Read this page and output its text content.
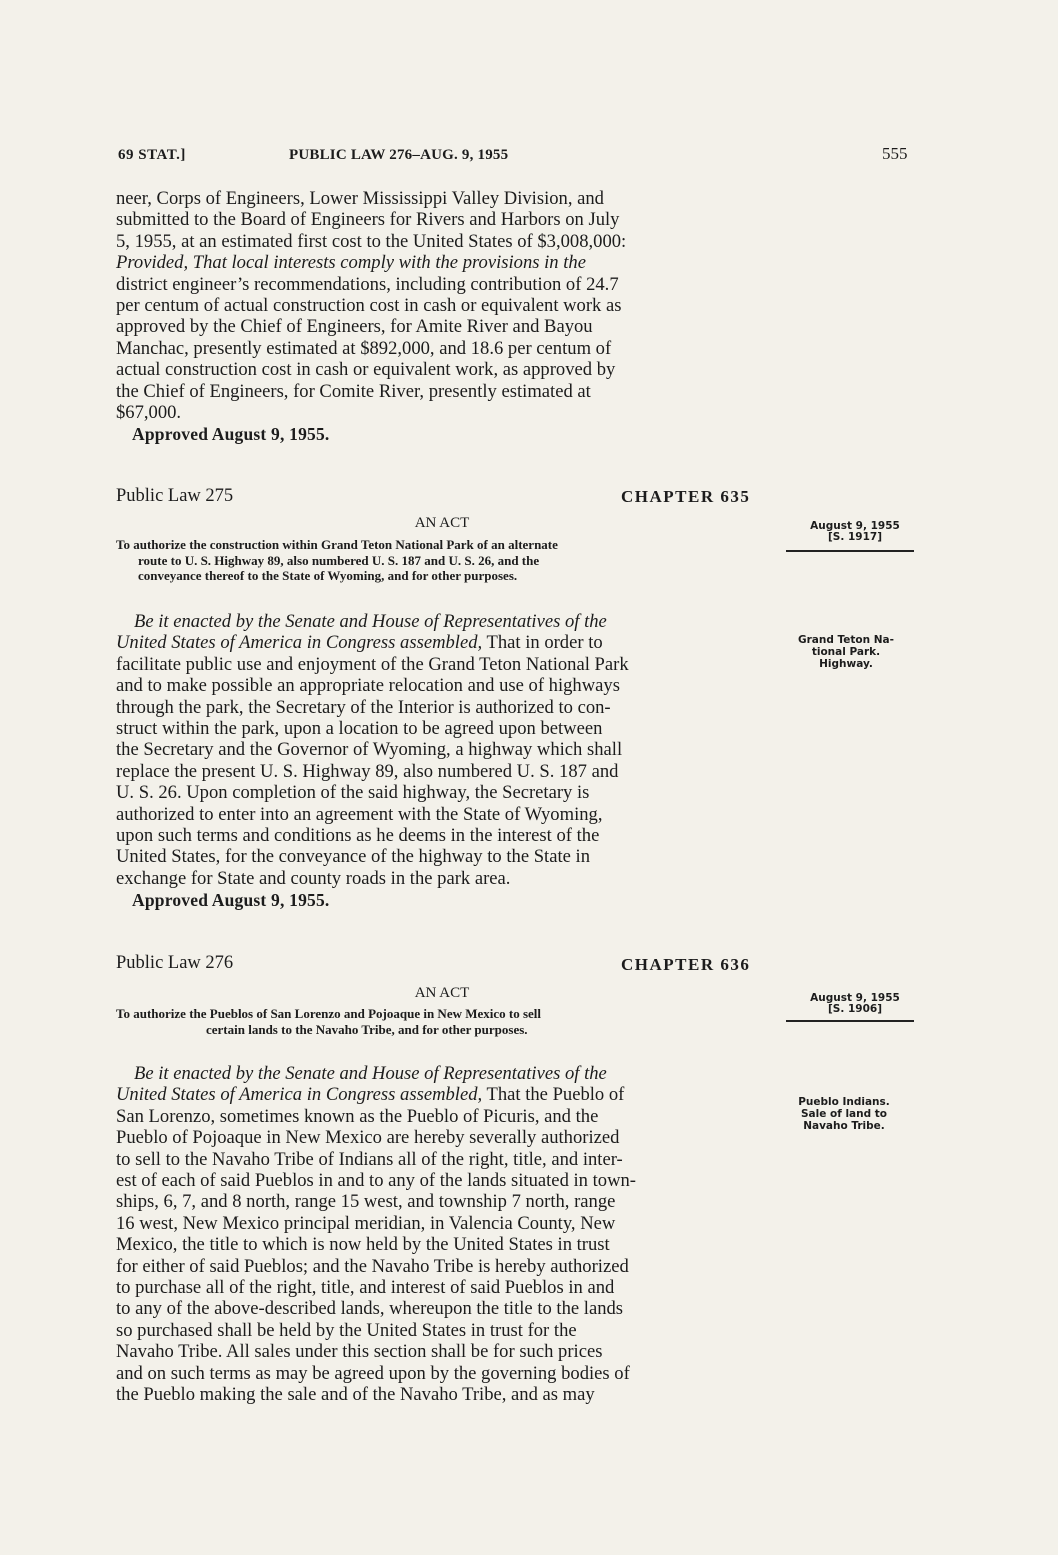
69 STAT.]	PUBLIC LAW 276–AUG. 9, 1955	555
neer, Corps of Engineers, Lower Mississippi Valley Division, and
submitted to the Board of Engineers for Rivers and Harbors on July
5, 1955, at an estimated first cost to the United States of $3,008,000:
Provided, That local interests comply with the provisions in the
district engineer’s recommendations, including contribution of 24.7
per centum of actual construction cost in cash or equivalent work as
approved by the Chief of Engineers, for Amite River and Bayou
Manchac, presently estimated at $892,000, and 18.6 per centum of
actual construction cost in cash or equivalent work, as approved by
the Chief of Engineers, for Comite River, presently estimated at
$67,000.
Approved August 9, 1955.
Public Law 275	CHAPTER 635
AN ACT
To authorize the construction within Grand Teton National Park of an alternate
route to U. S. Highway 89, also numbered U. S. 187 and U. S. 26, and the
conveyance thereof to the State of Wyoming, and for other purposes.
August 9, 1955
[S. 1917]
Be it enacted by the Senate and House of Representatives of the
United States of America in Congress assembled, That in order to
facilitate public use and enjoyment of the Grand Teton National Park
and to make possible an appropriate relocation and use of highways
through the park, the Secretary of the Interior is authorized to con-
struct within the park, upon a location to be agreed upon between
the Secretary and the Governor of Wyoming, a highway which shall
replace the present U. S. Highway 89, also numbered U. S. 187 and
U. S. 26. Upon completion of the said highway, the Secretary is
authorized to enter into an agreement with the State of Wyoming,
upon such terms and conditions as he deems in the interest of the
United States, for the conveyance of the highway to the State in
exchange for State and county roads in the park area.
Approved August 9, 1955.
Grand Teton Na-
tional Park.
Highway.
Public Law 276	CHAPTER 636
AN ACT
To authorize the Pueblos of San Lorenzo and Pojoaque in New Mexico to sell
certain lands to the Navaho Tribe, and for other purposes.
August 9, 1955
[S. 1906]
Be it enacted by the Senate and House of Representatives of the
United States of America in Congress assembled, That the Pueblo of
San Lorenzo, sometimes known as the Pueblo of Picuris, and the
Pueblo of Pojoaque in New Mexico are hereby severally authorized
to sell to the Navaho Tribe of Indians all of the right, title, and inter-
est of each of said Pueblos in and to any of the lands situated in town-
ships, 6, 7, and 8 north, range 15 west, and township 7 north, range
16 west, New Mexico principal meridian, in Valencia County, New
Mexico, the title to which is now held by the United States in trust
for either of said Pueblos; and the Navaho Tribe is hereby authorized
to purchase all of the right, title, and interest of said Pueblos in and
to any of the above-described lands, whereupon the title to the lands
so purchased shall be held by the United States in trust for the
Navaho Tribe. All sales under this section shall be for such prices
and on such terms as may be agreed upon by the governing bodies of
the Pueblo making the sale and of the Navaho Tribe, and as may
Pueblo Indians.
Sale of land to
Navaho Tribe.
